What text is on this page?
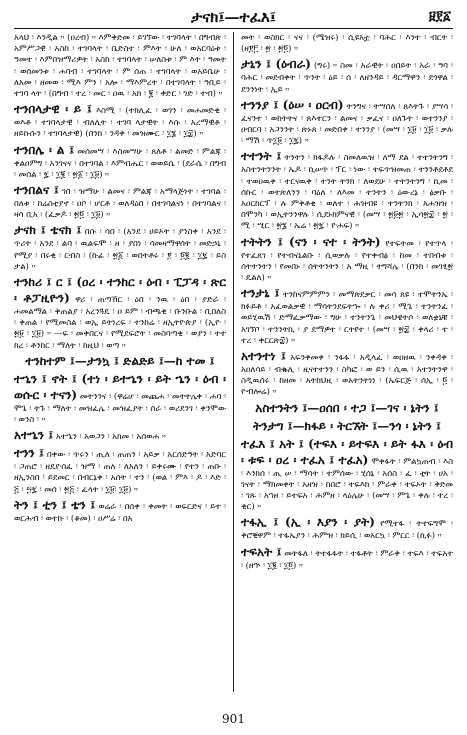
ታናክ፤—ተፈእ፤	፱፻፩
አላህ ፡ እንዲል ። (ዐረብ) ። እምቅድመ ፡ ይገኘው ፡ ተገባላት ፡ በግብጽ ፡ አምሥጋዊ ፡ አስከ ፡ ተገባላት ፡ ቤድስተ ፡ ምእት ፡ ሁለ ፡ ወአርባዕቱ ፡ ዓመተ ፡ እምበዝማሪዎት ፡ አስከ ፡ ተገባላት ፡ ሠለስቱ ፡ ም እት ፡ ዓመት ፡ ወሰመንቱ ፡ ሐባብ ፡ ተገባላት ፡ ም ሰጠ ፡ ተገባላት ፡ ወአይቤሁ ፡ ለአመ ፡ ዘመወ ፡ ሚእ ምን ፡ አሎ ፡ ማእምረት ፡ በተገባላት ፡ ዓቢይ ፡ ተገባ ላት ፡ (በግብ ፡ ተረ ፡ መር ፡ ዐዉ ፡ አክ ፡ ፪ ፡ ቀድር ፡ ገድ ፡ ተብ) ።
ተንበላታዊ ፡ ይ ፤ እስሚ ፡ (ተክሊፈ ፡ ወገን ፡ መሐመድቂ ፡ ወእቶ ፡ ተገባላታዊ ፡ ብለሊት ፡ ተገባ ላታዊት ፡ እሱ ፡ አረማዊቶ ፡ ዘይኩሱን ፡ ተገባላታዊ) (በንክ ፡ ንዳቅ ፡ መዝሙር ፡ ፲፮ ፡ ፲፰) ።
ተንበሌ ፡ ል ፤ መሰመሣ ፡ እስመሣሁ ፡ ጸለቶ ፡ ልመድ ፡ ምልጃ ፡ ቀልዐምግ ፡ አንገናና ፡ በተገባል ፡ እምብሔር ፡ ወወይሴ ፡ (ደራሴ ፡ በግብ ፡ መሰል ፡ ፯ ፡ ፲፪ ፡ ፳፩ ፡ ፲፱) ።
ተንበልና ፤ ገበ ፡ ዝማሁ ፡ ልመና ፡ ምልጃ ፡ አማላጅነት ፡ ተገባል ፡ በለቱ ፡ ከሬስቲያኖ ፡ ዐቦ ፡ ሆርቶ ፡ ወለዳዕበ ፡ በተገባልናነ ፡ በተገባልና ፡ ዛሳ ቢአ ፡ (ፈቃዶ ፡ ፳፬ ፡ ፲፱) ።
ታናክ ፤ ቴናክ ፤ በሱ ፡ ሳበ ፡ (አንደ ፡ ሀይኦት ፡ ያንስቀ ፡ አንደ ፡ ጥሪት ፡ አንደ ፡ ልባ ፡ ዉልፍሞ ፡ ዘ ፡ ያበነ ፡ ሳመዛማዋሰት ፡ መድኃኒ ፡ የሚያ ፡ በሩቂ ፡ ርብስ ፡ (ኩፊ ፡ ፳፩ ፡ ወበትቶሩ ፡ ፻ ፡ ፬፪ ፡ ፲፯ ፡ ይስ ታል) ።
ተንከሪ ፤ ር ፤ (ዐረ ፡ ተንከር ፡ ዕብ ፡ ፒፓዳ ፡ ጽር ፡ ቶፓዚዮን) ዋሪ ፡ ጠጣኸር ፡ ዕበ ፡ ንዉ ፡ ዕበ ፡ ያድራ ፡ ሐመልማል ፡ ቅጠልያ ፡ አረንጓዴ ፡ ዐ ይም ፡ ብጫቂ ፡ ቡንቡል ፡ ቢበለስ ፡ ቅጠል ፡ የሚመስል ፡ ወኢ ይትነረፍ ፡ ተንከሬ ፡ ዘኢትዮጵያ ፡ (ኢዮ ፡ ፳፱ ፡ ፲፱) ። —ፍ ፡ መቅበርና ፡ የሚደፍሮት ፡ መስባጣቂ ፡ ወያን ፡ ተተ ከረ ፡ ቶንከር ፡ ማለት ፡ ከዚህ ፡ ወጣ ።
ተንከተም ፤—ታንኳ ፤ ድልድይ ፤—ከ ተመ ፤
ተኄን ፤ ኖት ፤ (ተነ ፡ ይተኄን ፡ ይት ኄን ፡ ዕብ ፡ ወሱር ፡ ተናን) መትንንና ፡ (ዋሬሆ ፡ መጨሐ ፡ መትትሌቀ ፡ ሐባ ፡ ሞጌ ፡ ትጉ ፡ ማለት ፡ መዝፈሌ ፡ መዝፈያት ፡ ሰራ ፡ ወሪደንገ ፡ ቀንሞው ፡ ወንስ ፡ ።
አተኄን ፤ አተኄን ፡ አወጋን ፡ አክመ ፡ አሰወሐ ።
ተንን ፤ በቀው ፡ ጥሩን ፡ ጢለ ፡ ጠጠን ፡ አይቃ ፡ አርሰድዓት ፡ አድባር ፡ ጋጠሮ ፡ ዘዴዮሰፈ ፡ ዝማ ፡ ጠለ ፡ ለአለን ፡ ይቀሩሙ ፡ የተን ፡ ጠቡ ፡ ዘኢንስበ ፡ ይደመር ፡ በብርኔቀ ፡ አሰት ፡ ተን ፡ (ወል ፡ ምእ ፡ ዶ ፡ እድ ፡ ፭ ፡ ፵፯ ፡ መሰ ፡ ፳፭ ፡ ፈላት ፡ ፲፱፡ ፲፱) ።
ትን ፤ ቲን ፤ ቴን ፤ ወሬራ ፡ በሰቀ ፡ ቀመት ፡ ወፍርድና ፡ ይተ ፡ ወርሕብ ፡ ወተኩ ፡ (ቆመ) ፡ ዐሥሬ ፡ በአ
መት ፡ ወስክር ፡ ናና ፡ (ሜዝሩ) ፡ ሲዩአቷ ፡ ባሕር ፡ እንተ ፡ ብርት ፡ (ዘ፻፫ ፡ ፳ ፡ ፳፬) ።
ታኒን ፤ (ዕብራ) (ግሩ) ። ስመ ፡ አራዊት ፡ ዐበይት ፡ አራ ፡ ዓባ ፡ ባሕር ፡ መደብቀት ፡ ጥንት ፡ ዕይ ፡ ሰ ፡ ለዘንዳይ ፡ ዳርማዋን ፡ ደጎዋል ፡ ደንንነት ፡ ኢይ ።
ተንንያ ፤ (ዕሠ ፡ ዐርብ) ትንግና ፡ ትሣሰለ ፡ ጸእትጉ ፡ ያሣሳ ፡ ፈናንተ ፡ ወከትትና ፡ ጸእተርን ፡ ልመና ፡ ቃፈና ፡ ዐለጉት ፡ ወተንንያ ፡ ዐብርባ ፡ አጋንንት ፡ ጽኑጸ ፡ መድበቀ ፡ ተንንያ ፡ (መሣ ፡ ፲፱ ፡ ፲፱ ፡ ቃሉ ፡ ማሽ ፡ ጥ፲፱ ፡ ፲፯) ።
ተተንት ፤ ትንትን ፡ ክፋዶሉ ፡ ስመለዉዝ ፡ ለማ ደል ፡ ተተንትንግ ፡ አስተንትንንት ፡ ኤዶ ፡ ኪሠጥ ፡ ፕር ፡ ነው ፡ ተፍጥዝመጠ ፡ ተንንቶደቶደ ፡ ተወዐዉቀ ፡ ተርናዉቀ ፡ ተንት ትንክ ፡ ለወደሁ ፡ ተትንትንግ ፡ ኪመ ፡ ሰኩር ፡ ወተጽለንን ፡ ባዕለ ፡ ለእመ ፡ ተንትን ፡ ዕውረኔ ፡ ፅቃቡ ፡ አዐርከርፕ ፡ ሉ ምቅቶቂ ፡ ወለተ ፡ ሕዝብዩ ፡ ተንትንክ ፡ አሐዝዝ ፡ በሞንካ ፡ ወኢትንንዋሉ ፡ ሲደኑክምናዊ ፡ (መሣ ፡ ፳፱፳ ፡ ኢሳ፳፰ ፡ ፳ ፡ ሚ ፡ ሢር ፡ ፳፮ ፡ ኤሬ ፡ ፳፯ ፡ ዮሐፍ) ።
ተትትን ፤ (ናን ፡ ናተ ፡ ትንት) የተፍትመ ፡ የተጥላ ፡ የተፈጸገ ፡ የተብናኒልቡ ፡ ሲወቃሉ ፡ የተቀብፅ ፡ ከመ ፡ ተበብቱ ፡ ሰትትንትን ፡ የመበኑ ፡ ሰትትንትን ፡ አ ማዚ ፡ ትግሻሌ ፡ (በንክ ፡ መገፂ፳ ፡ ዴልለ) ።
ተንታኒ ፤ ተንከናምምምን ፡ መማጽደቃር ፡ መሳ ጸዩ ፡ ተሞትንኤ ፡ ክፉይቶ ፡ አፈወልቃዊ ፡ ማሳትንደፍትኈ ፡ ሉ ቀሪ ፡ ሚጌ ፡ ተንትንፈ ፡ ወይሂዉሽ ፡ ድማፈቃማው ፡ ግሁ ፡ ተንትንጌ ፡ መህዌትሶ ፡ ወለቋኒቹ ፡ አገኘቦ ፡ ተንንትኪ ፡ ያ ደማዎተ ፡ ርትየተ ፡ (መሣ ፡ ፳፰ ፡ ቀላሪ ፡ ተ ፡ ተረ ፡ ቀርርጽ፰) ።
አተንተነ ፤ አፍንቀመቀ ፡ ንፋፋ ፡ አዲላፈ ፡ ወዐዘዉ ፡ ንቀዳቀ ፡ አዐለሳይ ፡ ብቈሊ ፡ ዚናተተንን ፡ ስካፎ ፡ ወ ይን ፡ ሲዉ ፡ አተንትንዋ ፡ ስዲዉሰሩ ፡ ከዘመ ፡ አትከህዚ ፡ ወአትንትነነ ፡ (ኤፍርጅ ፡ ሰኢ ፡ ፬ ፡ ዮብሎሬ) ።
አስተንትን ፤—ዐሰበ ፡ ተጋ ፤—ገና ፡ ኔትን ፤
ትንታግ ፤—ክፋይ ፡ ትርኧት ፤—ንጎ ፡ ኔትን ፤
ተፈእ ፤ አት ፤ (ተፍእ ፡ ይተፍእ ፡ ይት ፋእ ፡ ዕብ ፡ ቱፍ ፡ ዐረ ፡ ተፈአ ፤ ተፈአ) ሞቀፋት ፡ ምልኳጠብ ፡ እስ ፡ እንክሰ ፡ ጢ ሠ ፡ ማሳት ፡ ተምሰው ፡ ሂሰኔ ፡ አሰስ ፡ ፈ ፡ ቲት ፡ ሀአ ፡ ገናት ፡ ማክመቀት ፡ አዘዝ ፡ ከበሮ ፡ ተፍእክ ፡ ምራቀ ፡ ተፍኦት ፡ ቅድመ ፡ ገጹ ፡ አኀዘ ፡ ይተፍአ ፡ ሕምዘ ፡ ላዕሌሁ ፡ (መሣ ፡ ምጌ ፡ ቀሉ ፡ ተረ ፡ ቂር) ።
ተፋኢ ፤ (ኢ ፡ እያን ፡ ያት) የሚተፋ ፡ ትተፍግሞ ፡ ቅሮቒዋም ፡ ተፋኤያን ፡ ሕምዝ ፡ ክይሲ ፡ ወአርኳ ፡ ምርር ፡ (ኪፉ) ።
ተፍአት ፤ መትፋለ ፡ ትተፋፋት ፡ ተፋቶት ፡ ምራቅ ፡ ተፍእ ፡ ተፍአተ ፡ (ዘኍ ፡ ፲፪ ፡ ፲፬) ።
901
